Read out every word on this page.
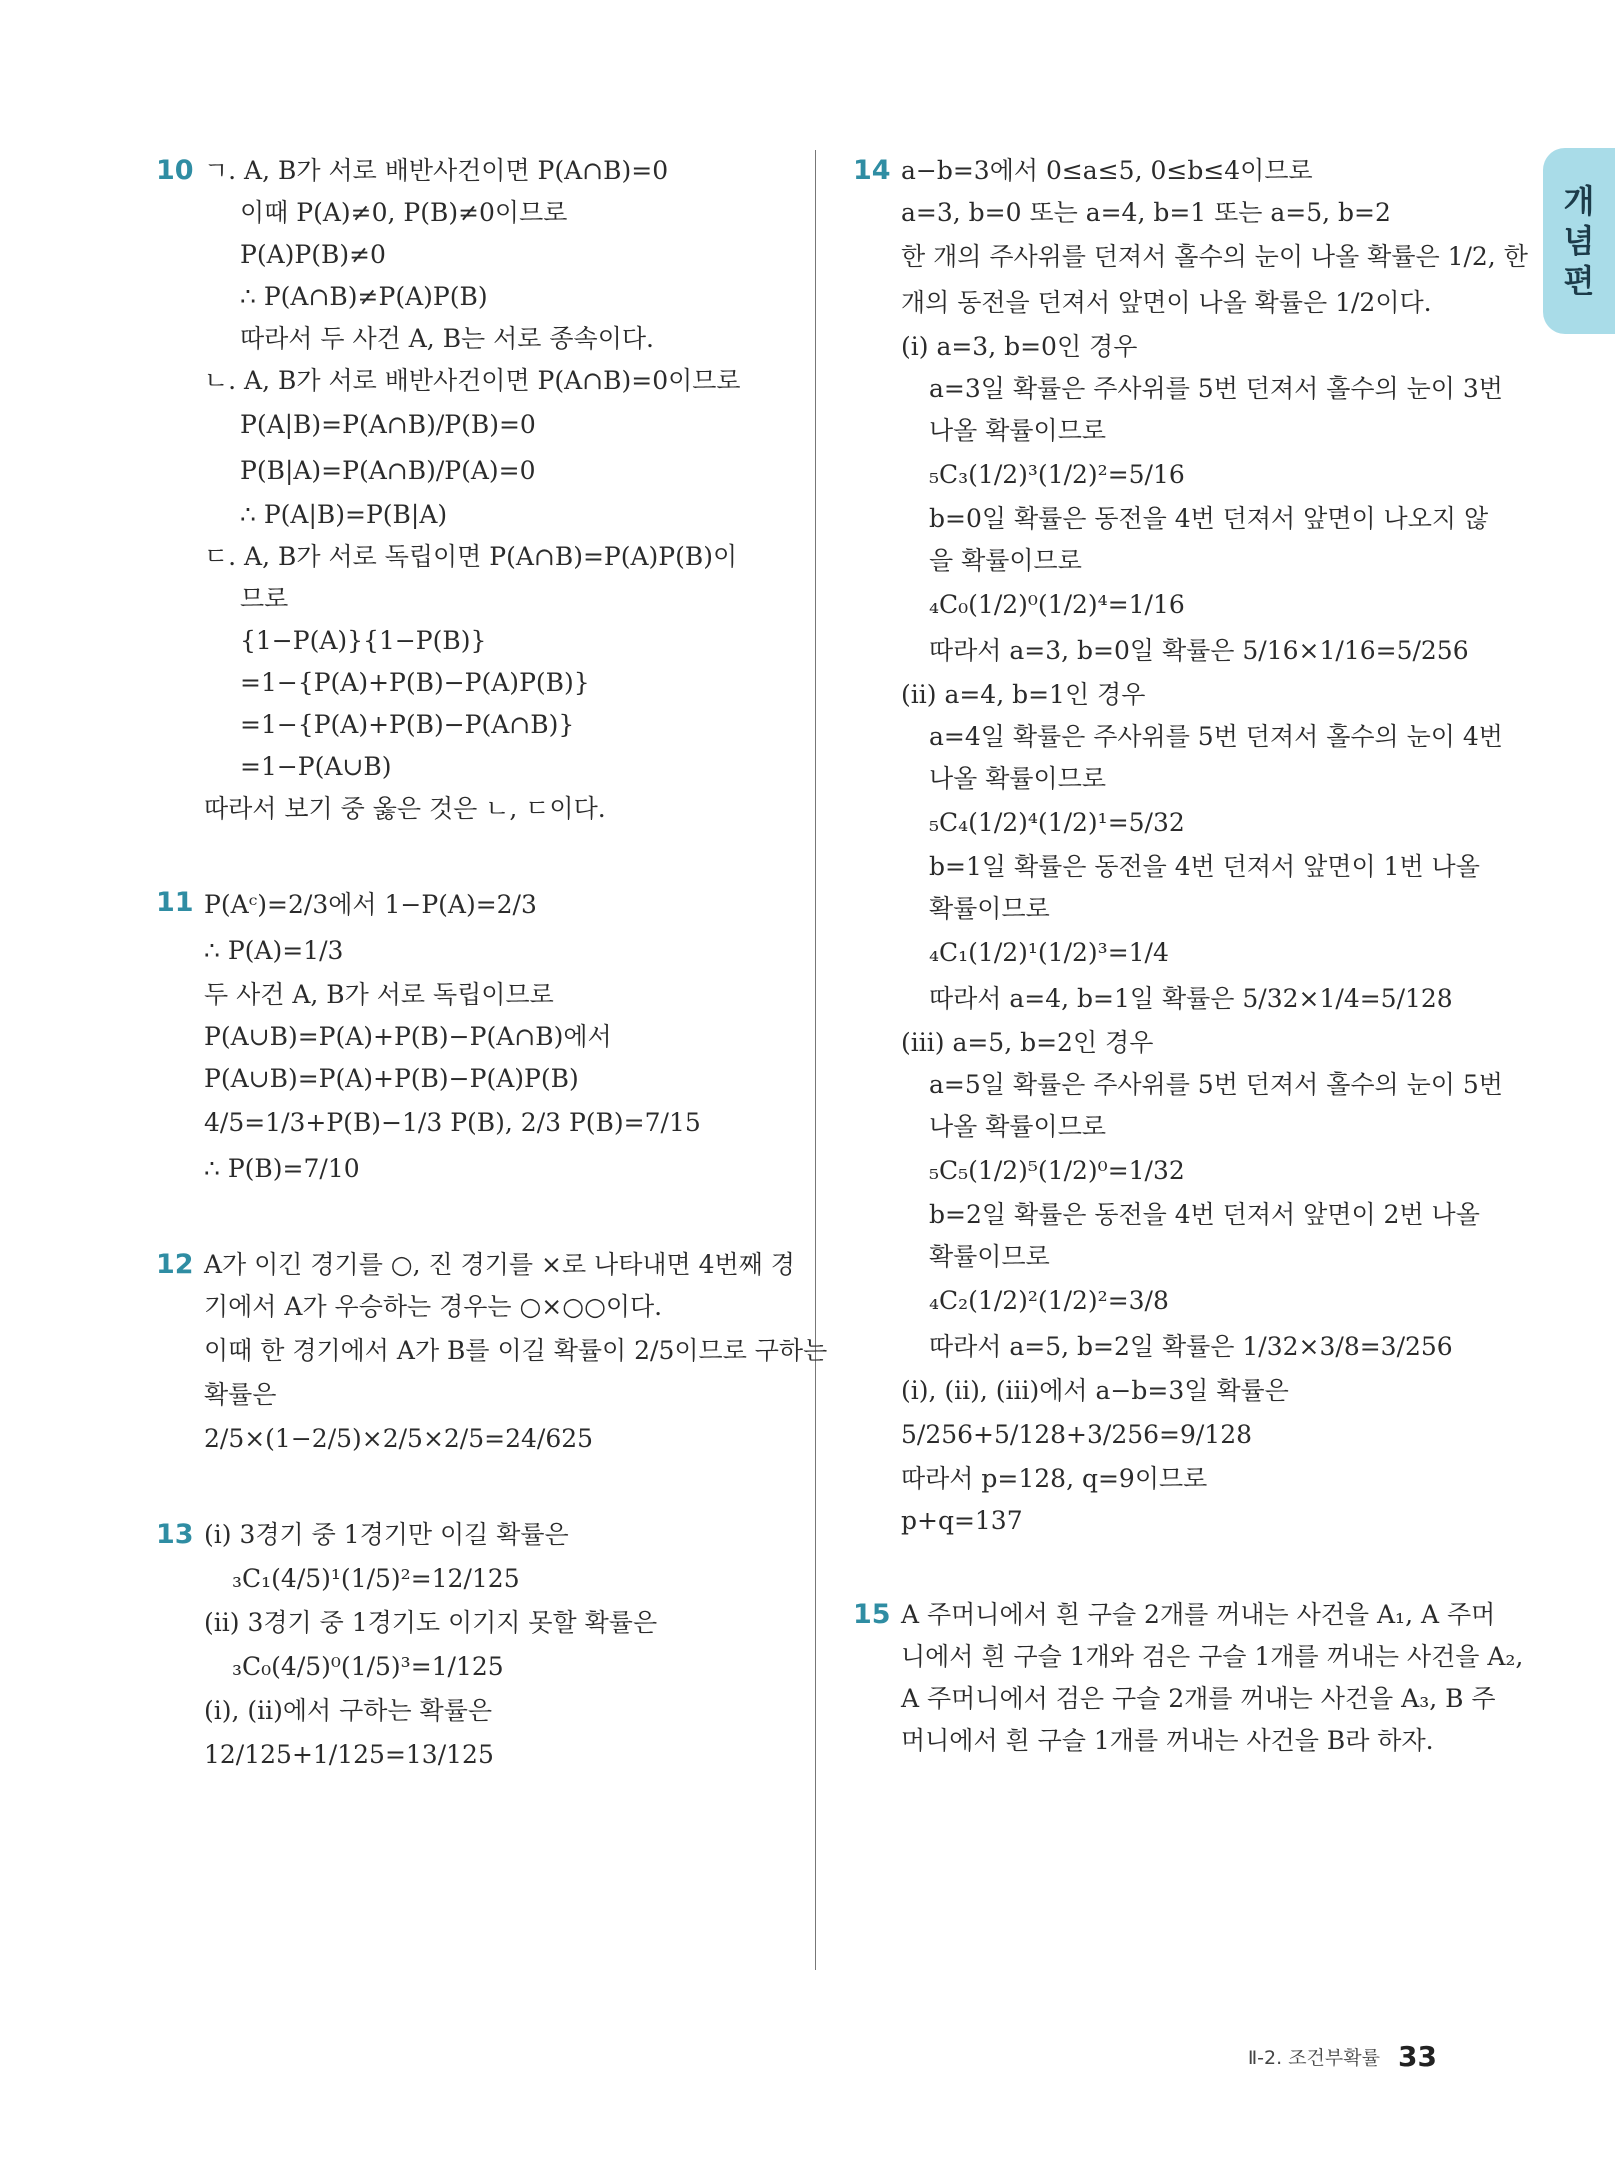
개
념
편
10 ㄱ. A, B가 서로 배반사건이면 P(A∩B)=0
이때 P(A)≠0, P(B)≠0이므로
P(A)P(B)≠0
∴ P(A∩B)≠P(A)P(B)
따라서 두 사건 A, B는 서로 종속이다.
ㄴ. A, B가 서로 배반사건이면 P(A∩B)=0이므로
P(A|B)=P(A∩B)/P(B)=0
P(B|A)=P(A∩B)/P(A)=0
∴ P(A|B)=P(B|A)
ㄷ. A, B가 서로 독립이면 P(A∩B)=P(A)P(B)이
므로
{1−P(A)}{1−P(B)}
=1−{P(A)+P(B)−P(A)P(B)}
=1−{P(A)+P(B)−P(A∩B)}
=1−P(A∪B)
따라서 보기 중 옳은 것은 ㄴ, ㄷ이다.
11 P(Aᶜ)=2/3에서 1−P(A)=2/3
∴ P(A)=1/3
두 사건 A, B가 서로 독립이므로
P(A∪B)=P(A)+P(B)−P(A∩B)에서
P(A∪B)=P(A)+P(B)−P(A)P(B)
4/5=1/3+P(B)−1/3 P(B), 2/3 P(B)=7/15
∴ P(B)=7/10
12 A가 이긴 경기를 ○, 진 경기를 ×로 나타내면 4번째 경
기에서 A가 우승하는 경우는 ○×○○이다.
이때 한 경기에서 A가 B를 이길 확률이 2/5이므로 구하는
확률은
2/5×(1−2/5)×2/5×2/5=24/625
13 (ⅰ) 3경기 중 1경기만 이길 확률은
₃C₁(4/5)¹(1/5)²=12/125
(ⅱ) 3경기 중 1경기도 이기지 못할 확률은
₃C₀(4/5)⁰(1/5)³=1/125
(ⅰ), (ⅱ)에서 구하는 확률은
12/125+1/125=13/125
14 a−b=3에서 0≤a≤5, 0≤b≤4이므로
a=3, b=0 또는 a=4, b=1 또는 a=5, b=2
한 개의 주사위를 던져서 홀수의 눈이 나올 확률은 1/2, 한
개의 동전을 던져서 앞면이 나올 확률은 1/2이다.
(ⅰ) a=3, b=0인 경우
a=3일 확률은 주사위를 5번 던져서 홀수의 눈이 3번
나올 확률이므로
₅C₃(1/2)³(1/2)²=5/16
b=0일 확률은 동전을 4번 던져서 앞면이 나오지 않
을 확률이므로
₄C₀(1/2)⁰(1/2)⁴=1/16
따라서 a=3, b=0일 확률은 5/16×1/16=5/256
(ⅱ) a=4, b=1인 경우
a=4일 확률은 주사위를 5번 던져서 홀수의 눈이 4번
나올 확률이므로
₅C₄(1/2)⁴(1/2)¹=5/32
b=1일 확률은 동전을 4번 던져서 앞면이 1번 나올
확률이므로
₄C₁(1/2)¹(1/2)³=1/4
따라서 a=4, b=1일 확률은 5/32×1/4=5/128
(ⅲ) a=5, b=2인 경우
a=5일 확률은 주사위를 5번 던져서 홀수의 눈이 5번
나올 확률이므로
₅C₅(1/2)⁵(1/2)⁰=1/32
b=2일 확률은 동전을 4번 던져서 앞면이 2번 나올
확률이므로
₄C₂(1/2)²(1/2)²=3/8
따라서 a=5, b=2일 확률은 1/32×3/8=3/256
(ⅰ), (ⅱ), (ⅲ)에서 a−b=3일 확률은
5/256+5/128+3/256=9/128
따라서 p=128, q=9이므로
p+q=137
15 A 주머니에서 흰 구슬 2개를 꺼내는 사건을 A₁, A 주머
니에서 흰 구슬 1개와 검은 구슬 1개를 꺼내는 사건을 A₂,
A 주머니에서 검은 구슬 2개를 꺼내는 사건을 A₃, B 주
머니에서 흰 구슬 1개를 꺼내는 사건을 B라 하자.
Ⅱ-2. 조건부확률 33
